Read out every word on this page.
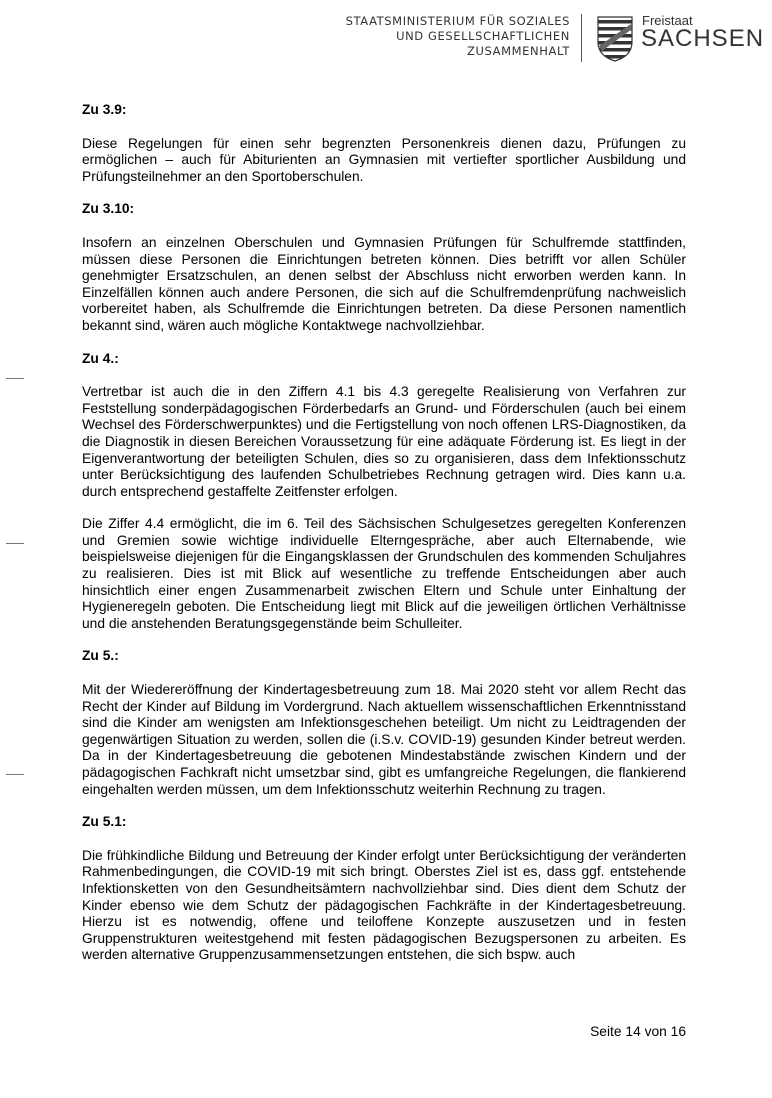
STAATSMINISTERIUM FÜR SOZIALES
UND GESELLSCHAFTLICHEN
ZUSAMMENHALT
Freistaat
SACHSEN
Zu 3.9:
Diese Regelungen für einen sehr begrenzten Personenkreis dienen dazu, Prüfungen zu ermöglichen – auch für Abiturienten an Gymnasien mit vertiefter sportlicher Ausbildung und Prüfungsteilnehmer an den Sportoberschulen.
Zu 3.10:
Insofern an einzelnen Oberschulen und Gymnasien Prüfungen für Schulfremde stattfinden, müssen diese Personen die Einrichtungen betreten können. Dies betrifft vor allen Schüler genehmigter Ersatzschulen, an denen selbst der Abschluss nicht erworben werden kann. In Einzelfällen können auch andere Personen, die sich auf die Schulfremdenprüfung nachweislich vorbereitet haben, als Schulfremde die Einrichtungen betreten. Da diese Personen namentlich bekannt sind, wären auch mögliche Kontaktwege nachvollziehbar.
Zu 4.:
Vertretbar ist auch die in den Ziffern 4.1 bis 4.3 geregelte Realisierung von Verfahren zur Feststellung sonderpädagogischen Förderbedarfs an Grund- und Förderschulen (auch bei einem Wechsel des Förderschwerpunktes) und die Fertigstellung von noch offenen LRS-Diagnostiken, da die Diagnostik in diesen Bereichen Voraussetzung für eine adäquate Förderung ist. Es liegt in der Eigenverantwortung der beteiligten Schulen, dies so zu organisieren, dass dem Infektionsschutz unter Berücksichtigung des laufenden Schulbetriebes Rechnung getragen wird. Dies kann u.a. durch entsprechend gestaffelte Zeitfenster erfolgen.
Die Ziffer 4.4 ermöglicht, die im 6. Teil des Sächsischen Schulgesetzes geregelten Konferenzen und Gremien sowie wichtige individuelle Elterngespräche, aber auch Elternabende, wie beispielsweise diejenigen für die Eingangsklassen der Grundschulen des kommenden Schuljahres zu realisieren. Dies ist mit Blick auf wesentliche zu treffende Entscheidungen aber auch hinsichtlich einer engen Zusammenarbeit zwischen Eltern und Schule unter Einhaltung der Hygieneregeln geboten. Die Entscheidung liegt mit Blick auf die jeweiligen örtlichen Verhältnisse und die anstehenden Beratungsgegenstände beim Schulleiter.
Zu 5.:
Mit der Wiedereröffnung der Kindertagesbetreuung zum 18. Mai 2020 steht vor allem Recht das Recht der Kinder auf Bildung im Vordergrund. Nach aktuellem wissenschaftlichen Erkenntnisstand sind die Kinder am wenigsten am Infektionsgeschehen beteiligt. Um nicht zu Leidtragenden der gegenwärtigen Situation zu werden, sollen die (i.S.v. COVID-19) gesunden Kinder betreut werden. Da in der Kindertagesbetreuung die gebotenen Mindestabstände zwischen Kindern und der pädagogischen Fachkraft nicht umsetzbar sind, gibt es umfangreiche Regelungen, die flankierend eingehalten werden müssen, um dem Infektionsschutz weiterhin Rechnung zu tragen.
Zu 5.1:
Die frühkindliche Bildung und Betreuung der Kinder erfolgt unter Berücksichtigung der veränderten Rahmenbedingungen, die COVID-19 mit sich bringt. Oberstes Ziel ist es, dass ggf. entstehende Infektionsketten von den Gesundheitsämtern nachvollziehbar sind. Dies dient dem Schutz der Kinder ebenso wie dem Schutz der pädagogischen Fachkräfte in der Kindertagesbetreuung. Hierzu ist es notwendig, offene und teiloffene Konzepte auszusetzen und in festen Gruppenstrukturen weitestgehend mit festen pädagogischen Bezugspersonen zu arbeiten. Es werden alternative Gruppenzusammensetzungen entstehen, die sich bspw. auch
Seite 14 von 16
